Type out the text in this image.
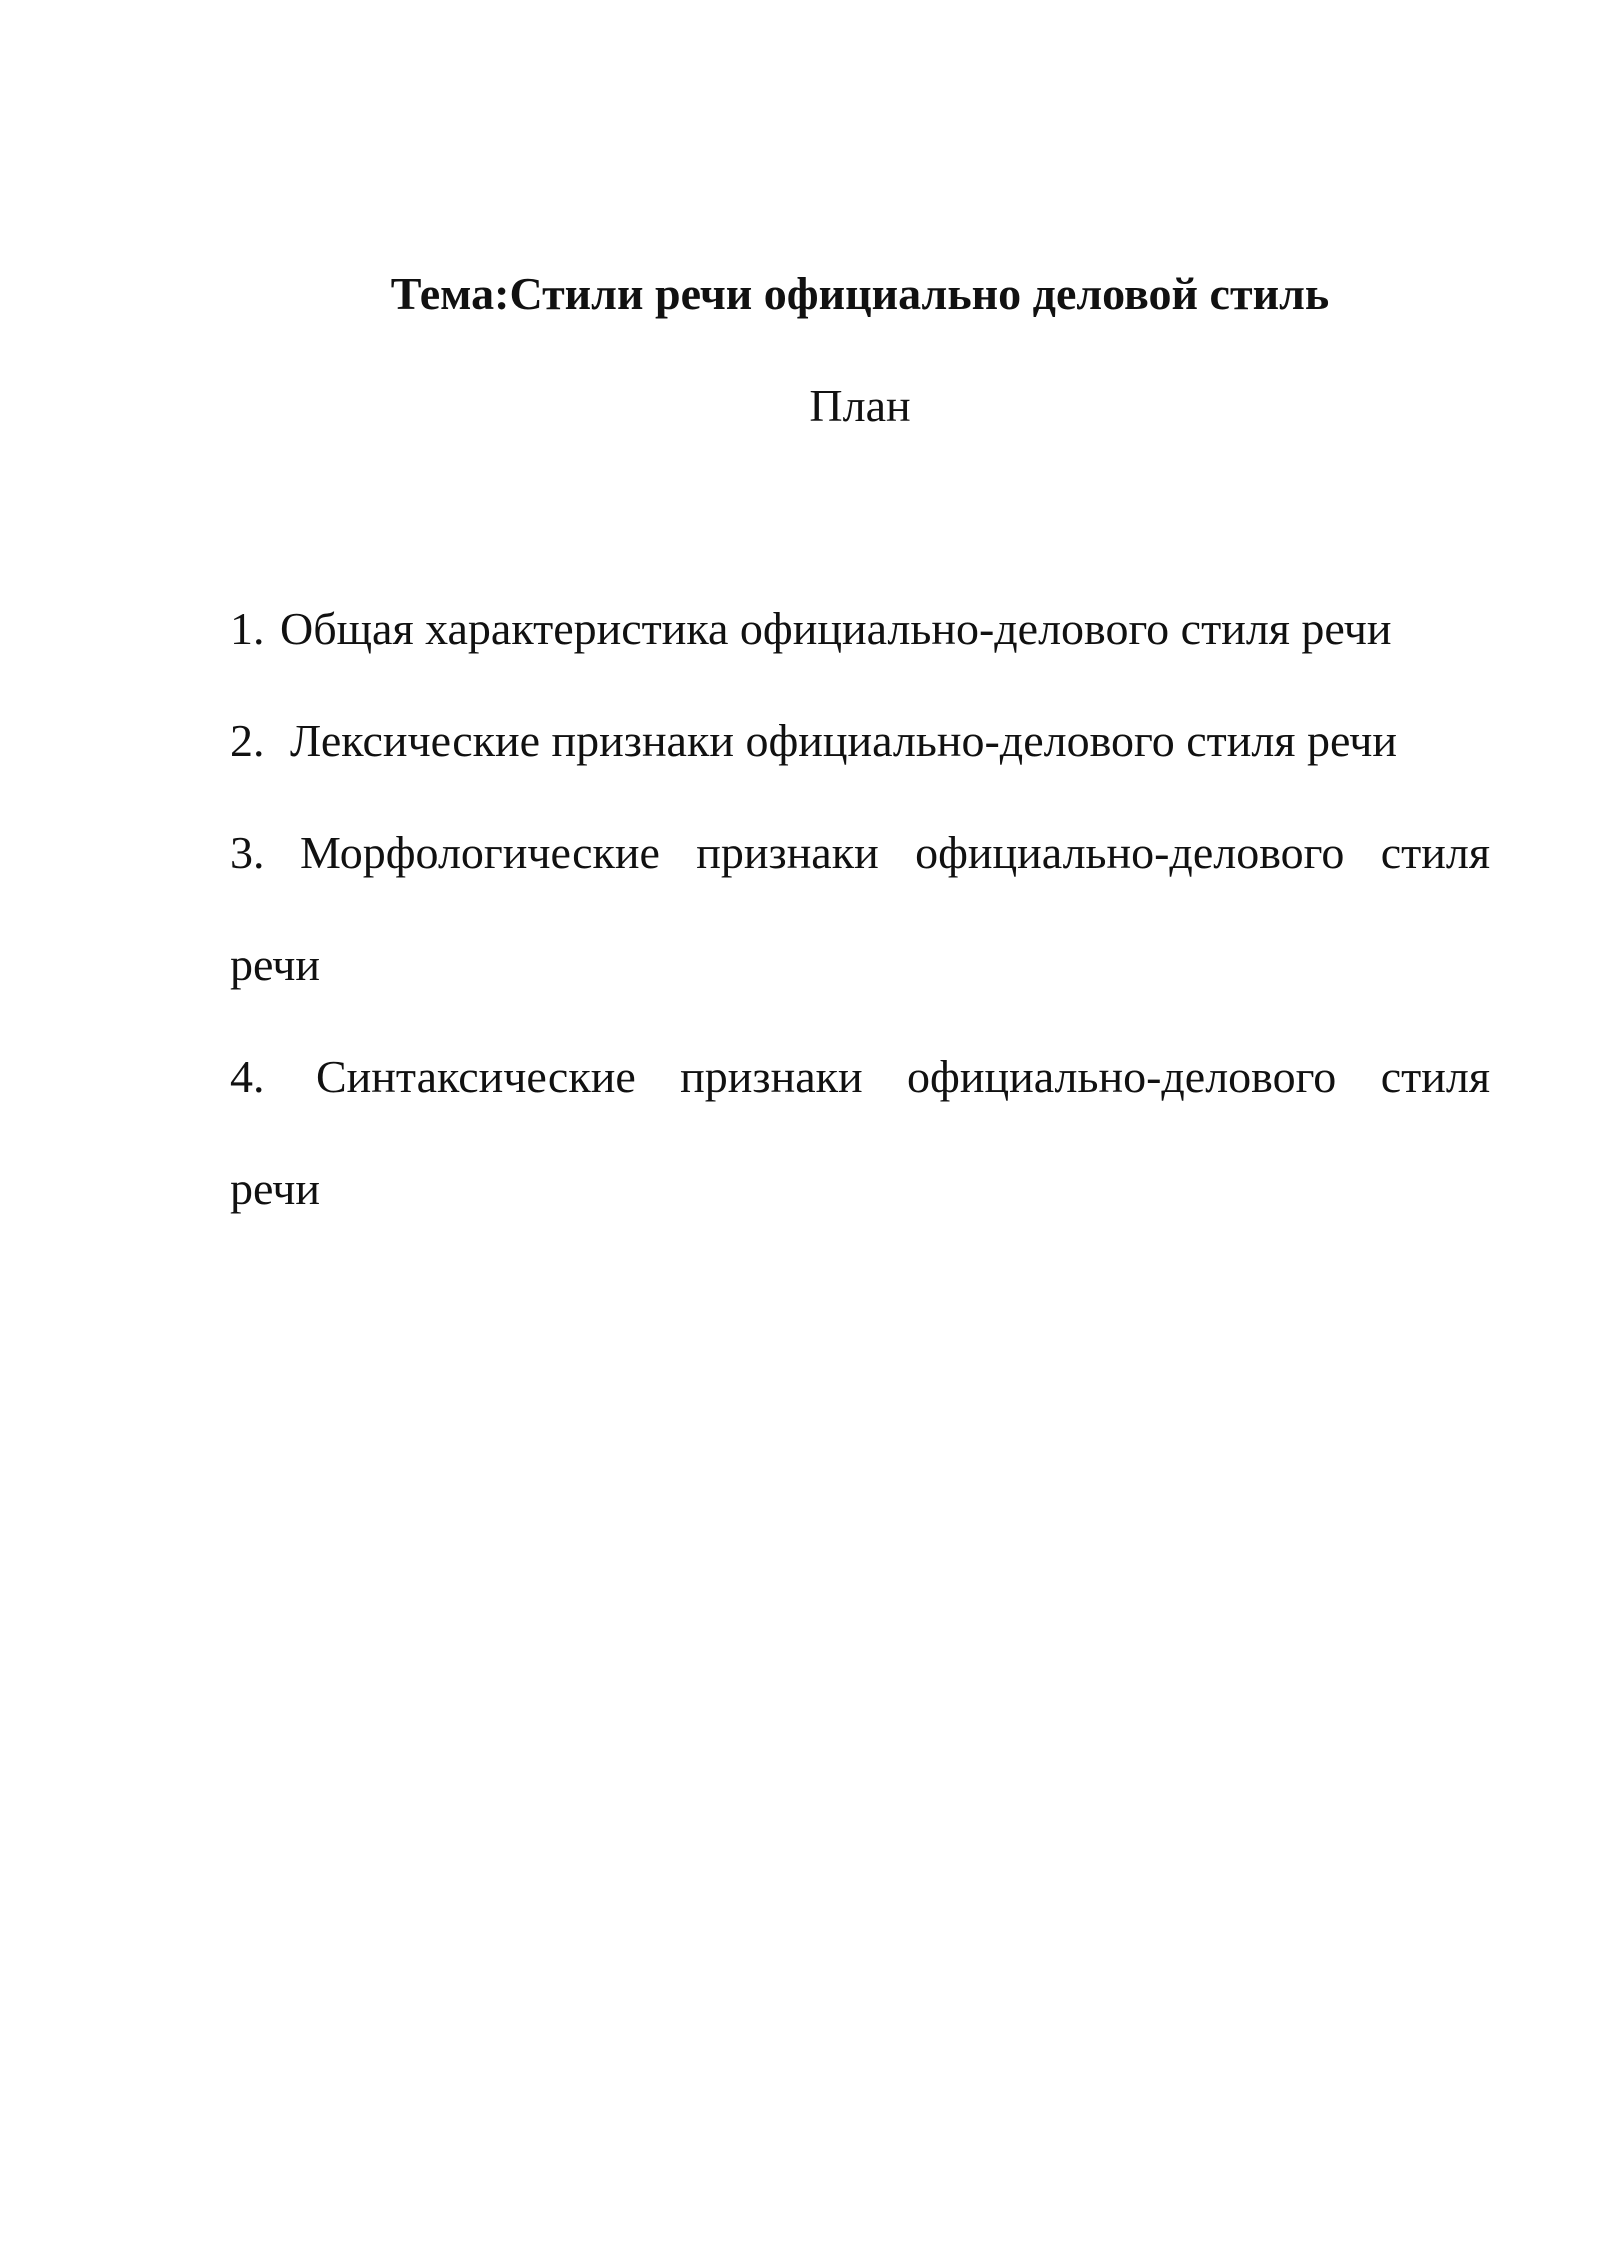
Тема:Стили речи официально деловой стиль

План

1. Общая характеристика официально-делового стиля речи
2. Лексические признаки официально-делового стиля речи
3. Морфологические признаки официально-делового стиля речи
4. Синтаксические признаки официально-делового стиля речи
